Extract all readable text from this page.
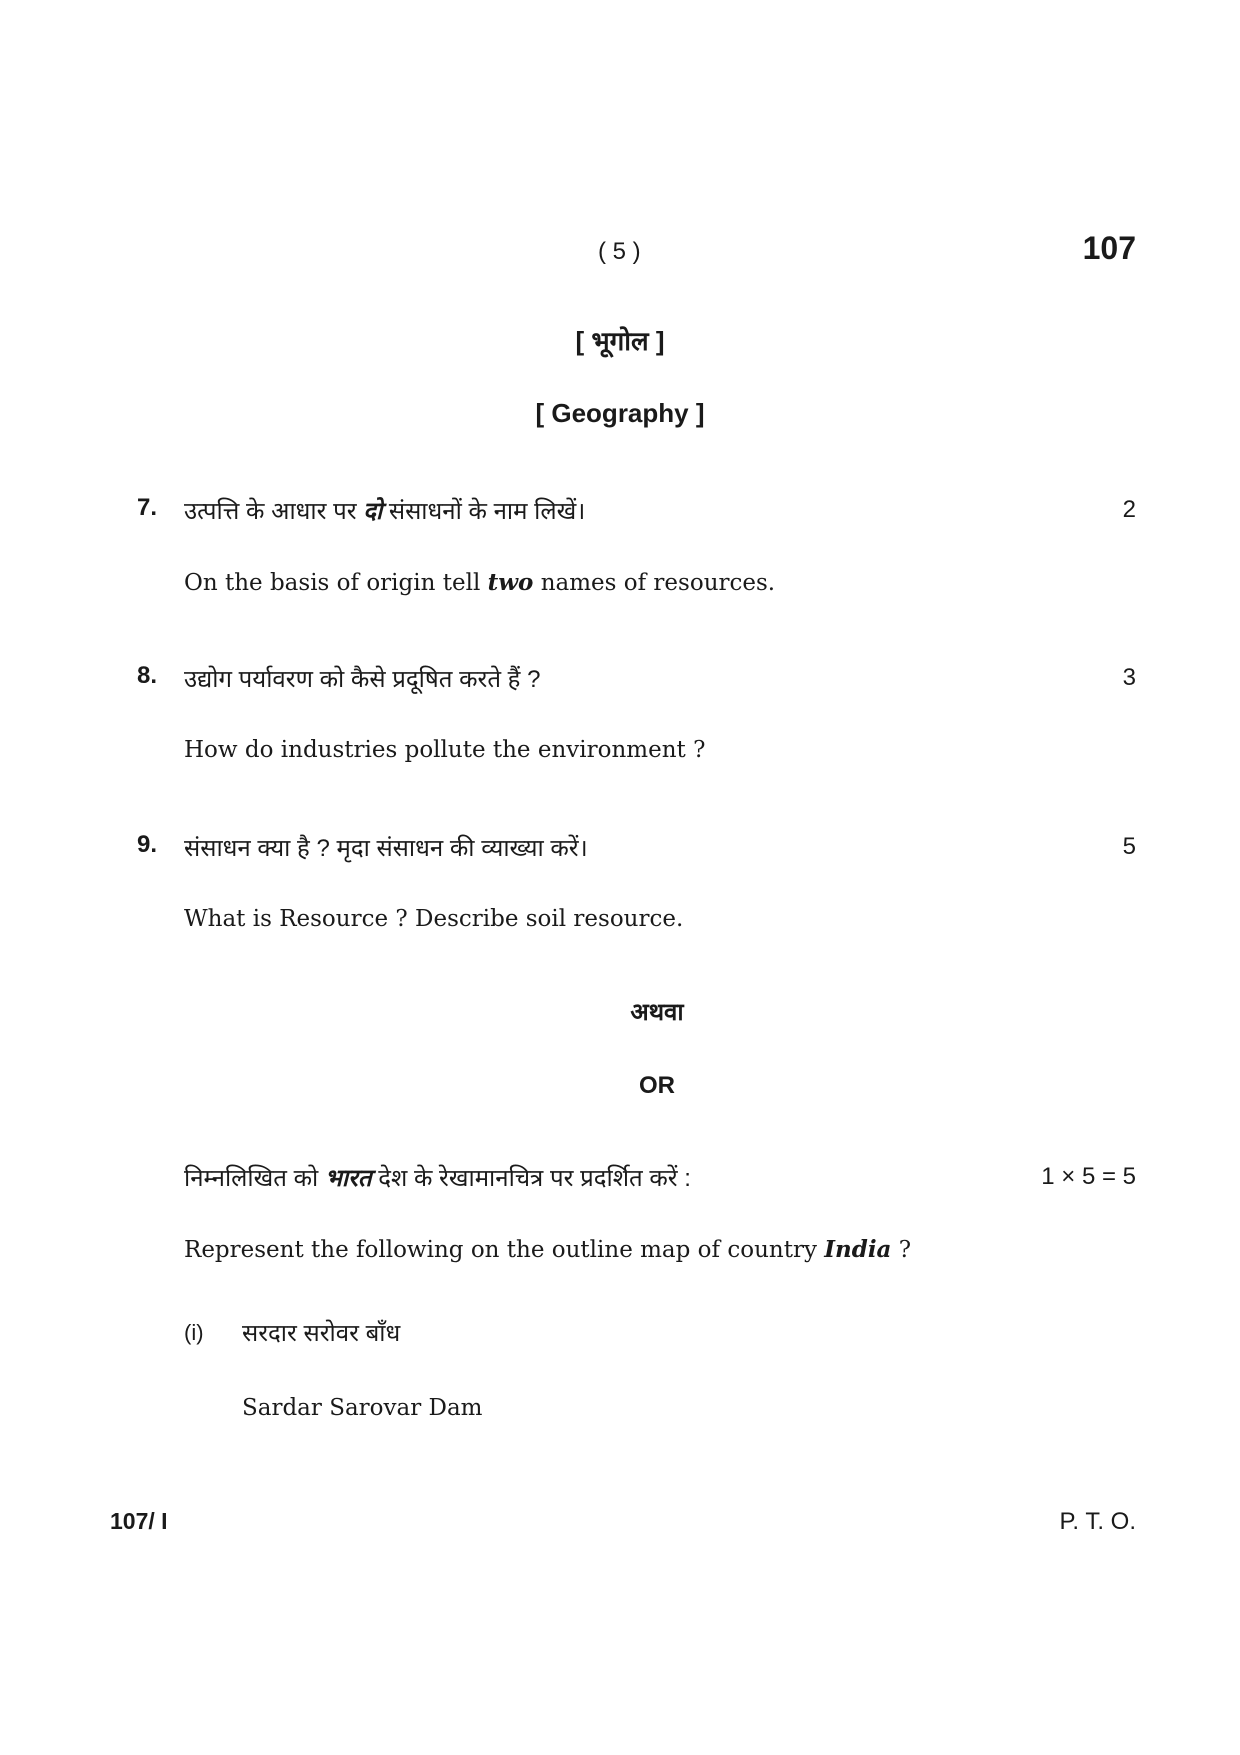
( 5 )	107
[ भूगोल ]
[ Geography ]
7. उत्पत्ति के आधार पर दो संसाधनों के नाम लिखें।	2
On the basis of origin tell two names of resources.
8. उद्योग पर्यावरण को कैसे प्रदूषित करते हैं ?	3
How do industries pollute the environment ?
9. संसाधन क्या है ? मृदा संसाधन की व्याख्या करें।	5
What is Resource ? Describe soil resource.
अथवा
OR
निम्नलिखित को भारत देश के रेखामानचित्र पर प्रदर्शित करें :	1 × 5 = 5
Represent the following on the outline map of country India ?
(i) सरदार सरोवर बाँध
Sardar Sarovar Dam
107/ I	P. T. O.
